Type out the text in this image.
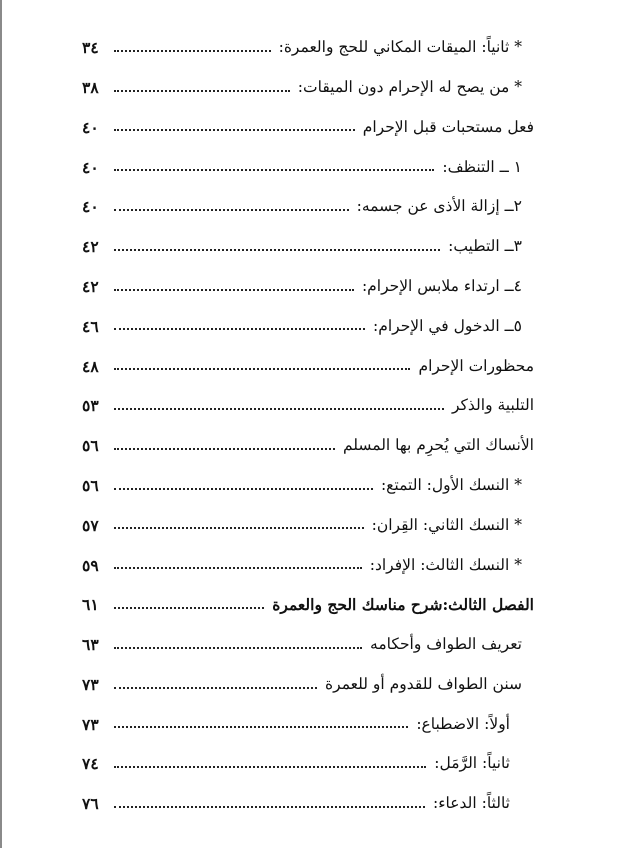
* ثانياً: الميقات المكاني للحج والعمرة:
٣٤
* من يصح له الإحرام دون الميقات:
٣٨
فعل مستحبات قبل الإحرام
٤٠
١ ــ التنظف:
٤٠
٢ــ إزالة الأذى عن جسمه:
٤٠
٣ــ التطيب:
٤٢
٤ــ ارتداء ملابس الإحرام:
٤٢
٥ــ الدخول في الإحرام:
٤٦
محظورات الإحرام
٤٨
التلبية والذكر
٥٣
الأنساك التي يُحرِم بها المسلم
٥٦
* النسك الأول: التمتع:
٥٦
* النسك الثاني: القِران:
٥٧
* النسك الثالث: الإفراد:
٥٩
الفصل الثالث:شرح مناسك الحج والعمرة
٦١
تعريف الطواف وأحكامه
٦٣
سنن الطواف للقدوم أو للعمرة
٧٣
أولاً: الاضطباع:
٧٣
ثانياً: الرَّمَل:
٧٤
ثالثاً: الدعاء:
٧٦
